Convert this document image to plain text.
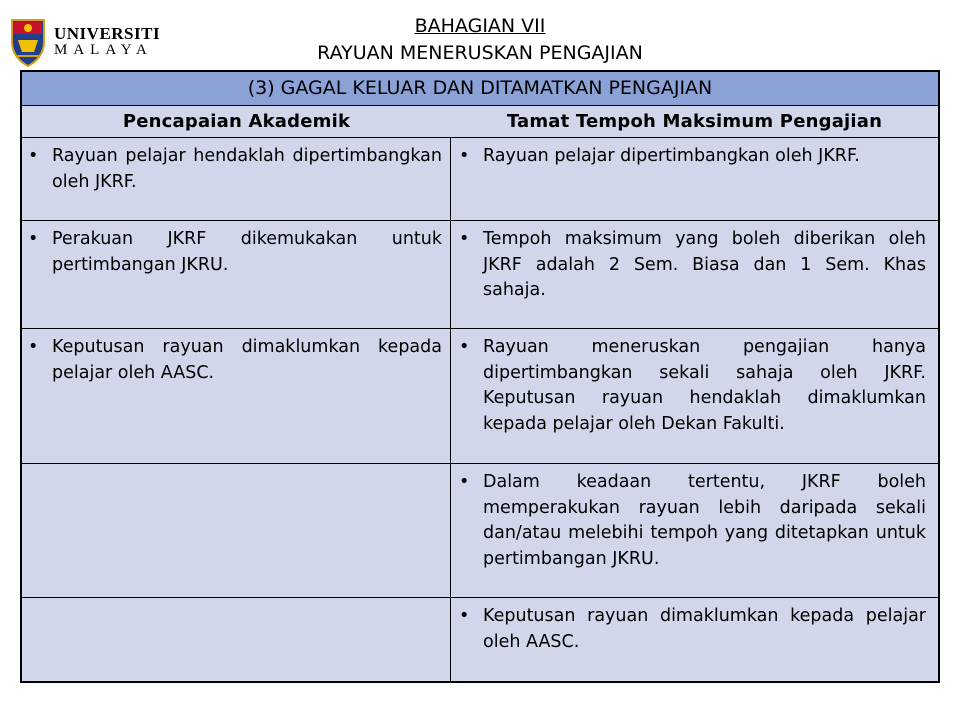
UNIVERSITI
MALAYA
BAHAGIAN VII
RAYUAN MENERUSKAN PENGAJIAN
(3) GAGAL KELUAR DAN DITAMATKAN PENGAJIAN
Pencapaian Akademik	Tamat Tempoh Maksimum Pengajian
• Rayuan pelajar hendaklah dipertimbangkan oleh JKRF.
• Rayuan pelajar dipertimbangkan oleh JKRF.
• Perakuan JKRF dikemukakan untuk pertimbangan JKRU.
• Tempoh maksimum yang boleh diberikan oleh JKRF adalah 2 Sem. Biasa dan 1 Sem. Khas sahaja.
• Keputusan rayuan dimaklumkan kepada pelajar oleh AASC.
• Rayuan meneruskan pengajian hanya dipertimbangkan sekali sahaja oleh JKRF. Keputusan rayuan hendaklah dimaklumkan kepada pelajar oleh Dekan Fakulti.
• Dalam keadaan tertentu, JKRF boleh memperakukan rayuan lebih daripada sekali dan/atau melebihi tempoh yang ditetapkan untuk pertimbangan JKRU.
• Keputusan rayuan dimaklumkan kepada pelajar oleh AASC.
